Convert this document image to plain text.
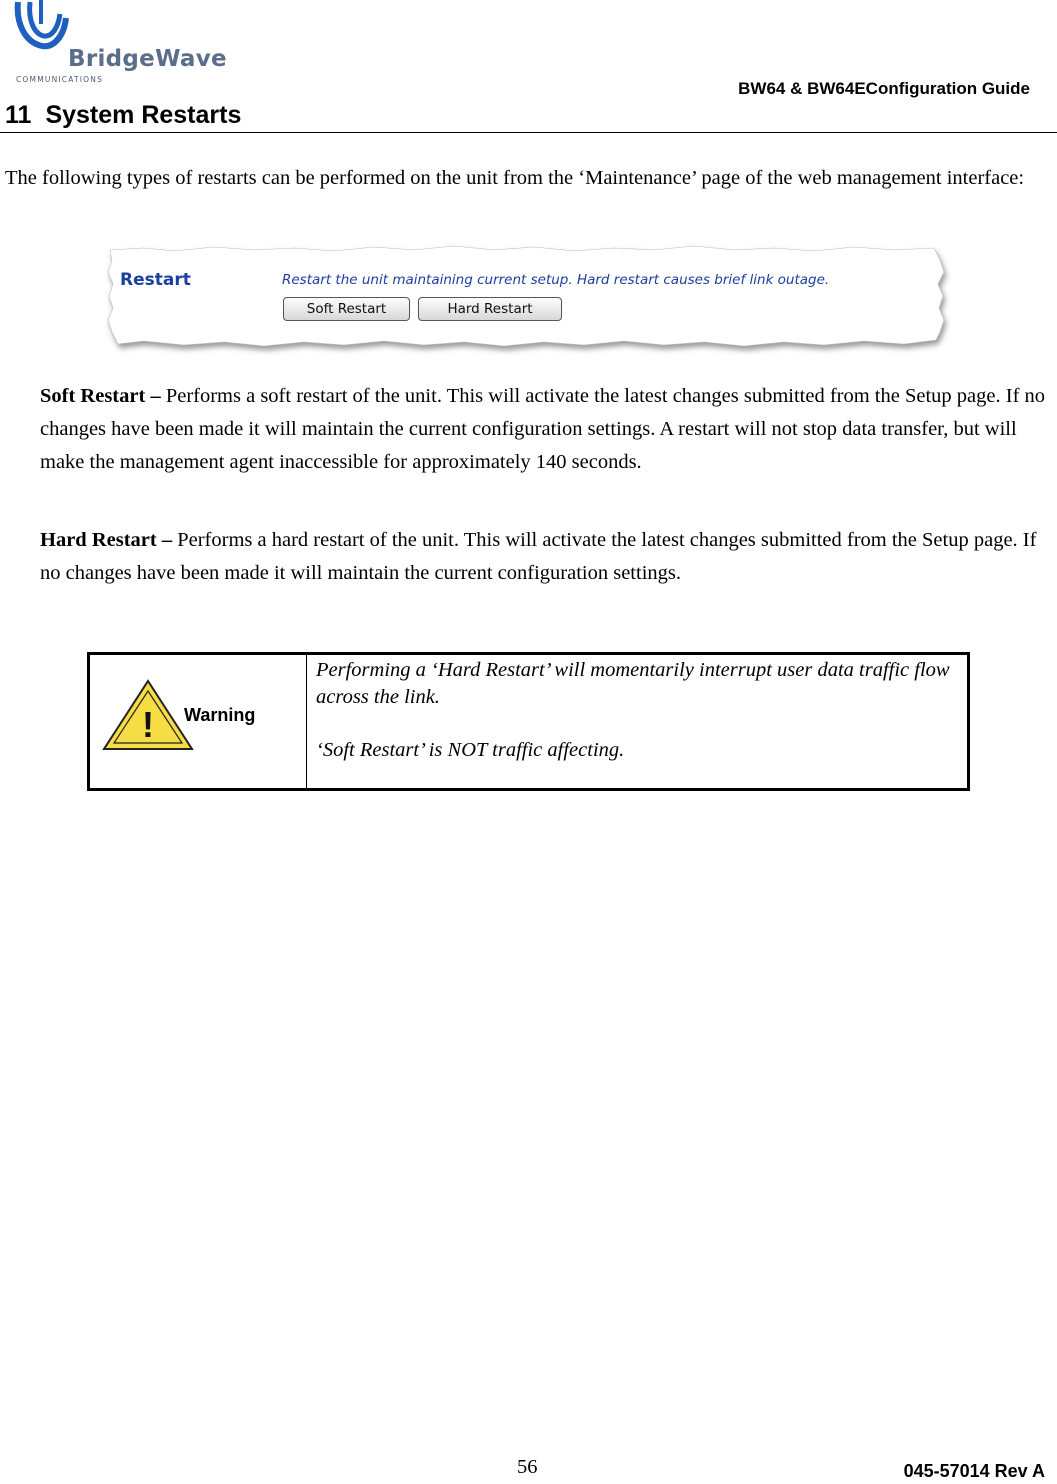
BridgeWave
COMMUNICATIONS	BW64 & BW64EConfiguration Guide
11 System Restarts

The following types of restarts can be performed on the unit from the ‘Maintenance’ page of the web management interface:

Restart	Restart the unit maintaining current setup. Hard restart causes brief link outage.
Soft Restart	Hard Restart

Soft Restart – Performs a soft restart of the unit. This will activate the latest changes submitted from the Setup page. If no changes have been made it will maintain the current configuration settings. A restart will not stop data transfer, but will make the management agent inaccessible for approximately 140 seconds.

Hard Restart – Performs a hard restart of the unit. This will activate the latest changes submitted from the Setup page. If no changes have been made it will maintain the current configuration settings.

! Warning

Performing a ‘Hard Restart’ will momentarily interrupt user data traffic flow across the link.

‘Soft Restart’ is NOT traffic affecting.

56	045-57014 Rev A
